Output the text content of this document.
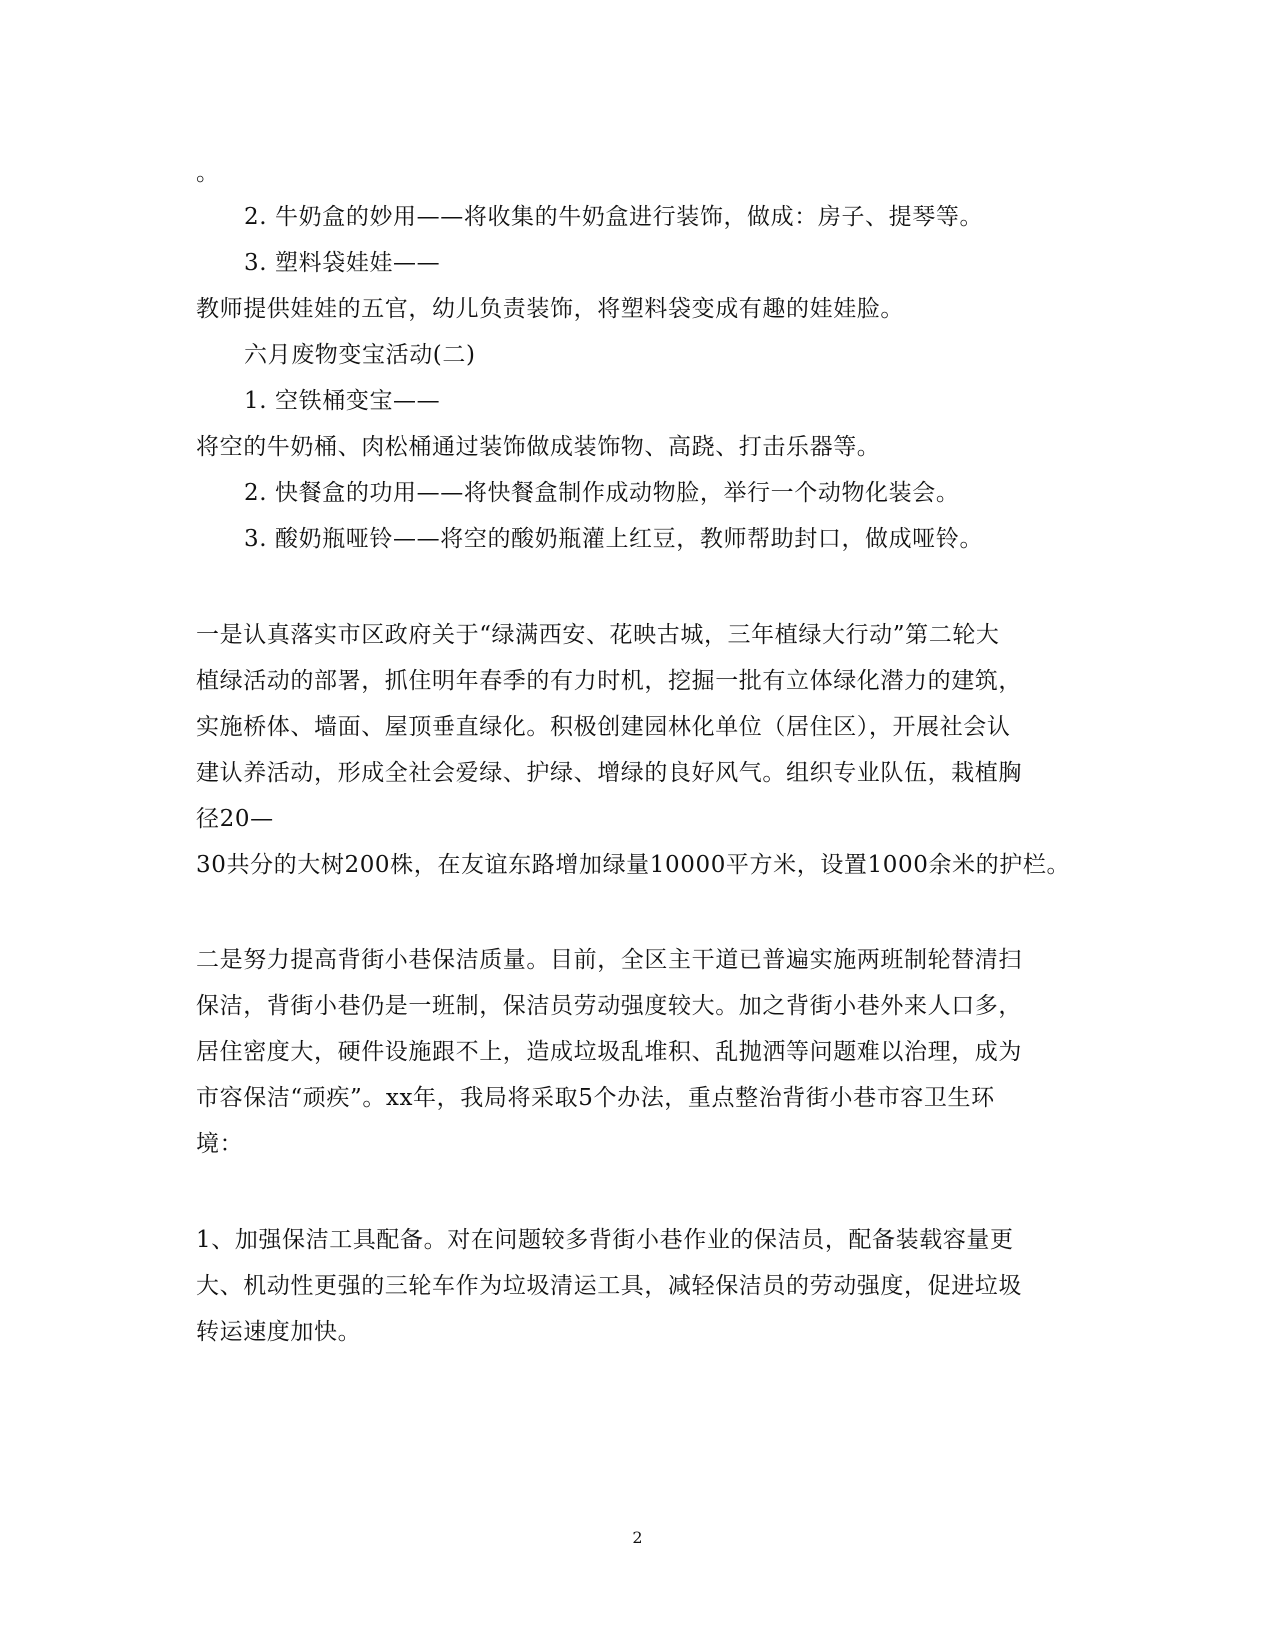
。
2. 牛奶盒的妙用——将收集的牛奶盒进行装饰，做成：房子、提琴等。
3. 塑料袋娃娃——
教师提供娃娃的五官，幼儿负责装饰，将塑料袋变成有趣的娃娃脸。
六月废物变宝活动(二)
1. 空铁桶变宝——
将空的牛奶桶、肉松桶通过装饰做成装饰物、高跷、打击乐器等。
2. 快餐盒的功用——将快餐盒制作成动物脸，举行一个动物化装会。
3. 酸奶瓶哑铃——将空的酸奶瓶灌上红豆，教师帮助封口，做成哑铃。
一是认真落实市区政府关于“绿满西安、花映古城，三年植绿大行动”第二轮大
植绿活动的部署，抓住明年春季的有力时机，挖掘一批有立体绿化潜力的建筑，
实施桥体、墙面、屋顶垂直绿化。积极创建园林化单位（居住区），开展社会认
建认养活动，形成全社会爱绿、护绿、增绿的良好风气。组织专业队伍，栽植胸
径20—
30共分的大树200株，在友谊东路增加绿量10000平方米，设置1000余米的护栏。
二是努力提高背街小巷保洁质量。目前，全区主干道已普遍实施两班制轮替清扫
保洁，背街小巷仍是一班制，保洁员劳动强度较大。加之背街小巷外来人口多，
居住密度大，硬件设施跟不上，造成垃圾乱堆积、乱抛洒等问题难以治理，成为
市容保洁“顽疾”。xx年，我局将采取5个办法，重点整治背街小巷市容卫生环
境：
1、加强保洁工具配备。对在问题较多背街小巷作业的保洁员，配备装载容量更
大、机动性更强的三轮车作为垃圾清运工具，减轻保洁员的劳动强度，促进垃圾
转运速度加快。
2
